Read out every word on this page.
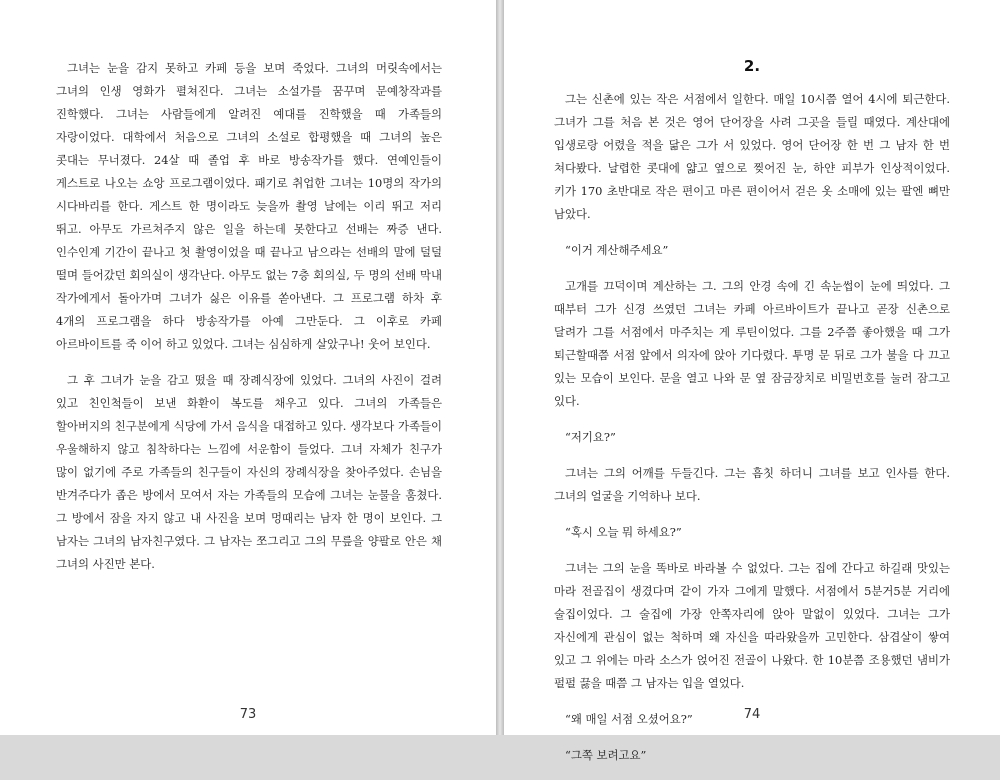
그녀는 눈을 감지 못하고 카페 등을 보며 죽었다. 그녀의 머릿속에서는 그녀의 인생 영화가 펼쳐진다. 그녀는 소설가를 꿈꾸며 문예창작과를 진학했다. 그녀는 사람들에게 알려진 예대를 진학했을 때 가족들의 자랑이었다. 대학에서 처음으로 그녀의 소설로 합평했을 때 그녀의 높은 콧대는 무너졌다. 24살 때 졸업 후 바로 방송작가를 했다. 연예인들이 게스트로 나오는 쇼앙 프로그램이었다. 패기로 취업한 그녀는 10명의 작가의 시다바리를 한다. 게스트 한 명이라도 늦을까 촬영 날에는 이리 뛰고 저리 뛰고. 아무도 가르쳐주지 않은 일을 하는데 못한다고 선배는 짜증 낸다. 인수인계 기간이 끝나고 첫 촬영이었을 때 끝나고 남으라는 선배의 말에 덜덜 떨며 들어갔던 회의실이 생각난다. 아무도 없는 7층 회의실, 두 명의 선배 막내 작가에게서 돌아가며 그녀가 싫은 이유를 쏟아낸다. 그 프로그램 하차 후 4개의 프로그램을 하다 방송작가를 아예 그만둔다. 그 이후로 카페 아르바이트를 죽 이어 하고 있었다. 그녀는 심심하게 살았구나! 웃어 보인다.

그 후 그녀가 눈을 감고 떴을 때 장례식장에 있었다. 그녀의 사진이 걸려 있고 친인척들이 보낸 화환이 복도를 채우고 있다. 그녀의 가족들은 할아버지의 친구분에게 식당에 가서 음식을 대접하고 있다. 생각보다 가족들이 우울해하지 않고 침착하다는 느낌에 서운함이 들었다. 그녀 자체가 친구가 많이 없기에 주로 가족들의 친구들이 자신의 장례식장을 찾아주었다. 손님을 반겨주다가 좁은 방에서 모여서 자는 가족들의 모습에 그녀는 눈물을 훔쳤다. 그 방에서 잠을 자지 않고 내 사진을 보며 멍때리는 남자 한 명이 보인다. 그 남자는 그녀의 남자친구였다. 그 남자는 쪼그리고 그의 무릎을 양팔로 안은 채 그녀의 사진만 본다.

73
2.

그는 신촌에 있는 작은 서점에서 일한다. 매일 10시쯤 열어 4시에 퇴근한다. 그녀가 그를 처음 본 것은 영어 단어장을 사려 그곳을 들릴 때였다. 계산대에 입생로랑 어렸을 적을 닮은 그가 서 있었다. 영어 단어장 한 번 그 남자 한 번 쳐다봤다. 날렵한 콧대에 얇고 옆으로 찢어진 눈, 하얀 피부가 인상적이었다. 키가 170 초반대로 작은 편이고 마른 편이어서 걷은 옷 소매에 있는 팔엔 뼈만 남았다.

“이거 계산해주세요”

고개를 끄덕이며 계산하는 그. 그의 안경 속에 긴 속눈썹이 눈에 띄었다. 그 때부터 그가 신경 쓰였던 그녀는 카페 아르바이트가 끝나고 곧장 신촌으로 달려가 그를 서점에서 마주치는 게 루틴이었다. 그를 2주쯤 좋아했을 때 그가 퇴근할때쯤 서점 앞에서 의자에 앉아 기다렸다. 투명 문 뒤로 그가 불을 다 끄고 있는 모습이 보인다. 문을 열고 나와 문 옆 잠금장치로 비밀번호를 눌러 잠그고 있다.

“저기요?”

그녀는 그의 어깨를 두들긴다. 그는 흠칫 하더니 그녀를 보고 인사를 한다. 그녀의 얼굴을 기억하나 보다.

“혹시 오늘 뭐 하세요?”

그녀는 그의 눈을 똑바로 바라볼 수 없었다. 그는 집에 간다고 하길래 맛있는 마라 전골집이 생겼다며 같이 가자 그에게 말했다. 서점에서 5분거5분 거리에 술집이었다. 그 술집에 가장 안쪽자리에 앉아 말없이 있었다. 그녀는 그가 자신에게 관심이 없는 척하며 왜 자신을 따라왔을까 고민한다. 삼겹살이 쌓여 있고 그 위에는 마라 소스가 얹어진 전골이 나왔다. 한 10분쯤 조용했던 냄비가 펄펄 끓을 때쯤 그 남자는 입을 열었다.

“왜 매일 서점 오셨어요?”

“그쪽 보려고요”

74
